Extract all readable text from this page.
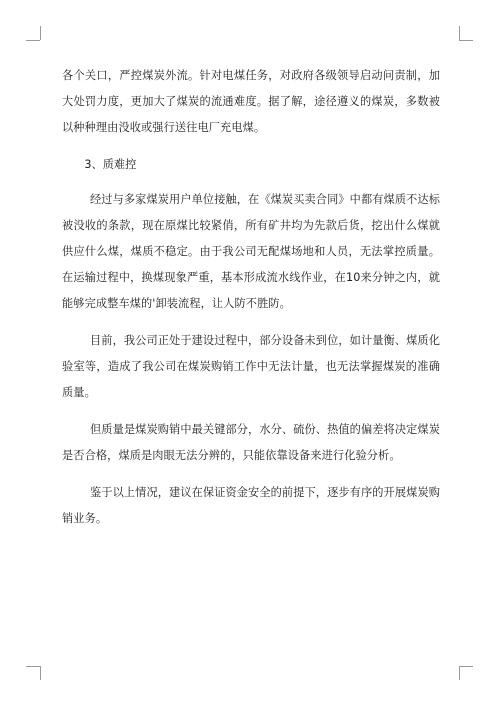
各个关口，严控煤炭外流。针对电煤任务，对政府各级领导启动问责制，加大处罚力度，更加大了煤炭的流通难度。据了解，途径遵义的煤炭，多数被以种种理由没收或强行送往电厂充电煤。

3、质难控

经过与多家煤炭用户单位接触，在《煤炭买卖合同》中都有煤质不达标被没收的条款，现在原煤比较紧俏，所有矿井均为先款后货，挖出什么煤就供应什么煤，煤质不稳定。由于我公司无配煤场地和人员，无法掌控质量。在运输过程中，换煤现象严重，基本形成流水线作业，在10来分钟之内，就能够完成整车煤的'卸装流程，让人防不胜防。

目前，我公司正处于建设过程中，部分设备未到位，如计量衡、煤质化验室等，造成了我公司在煤炭购销工作中无法计量，也无法掌握煤炭的准确质量。

但质量是煤炭购销中最关键部分，水分、硫份、热值的偏差将决定煤炭是否合格，煤质是肉眼无法分辨的，只能依靠设备来进行化验分析。

鉴于以上情况，建议在保证资金安全的前提下，逐步有序的开展煤炭购销业务。
